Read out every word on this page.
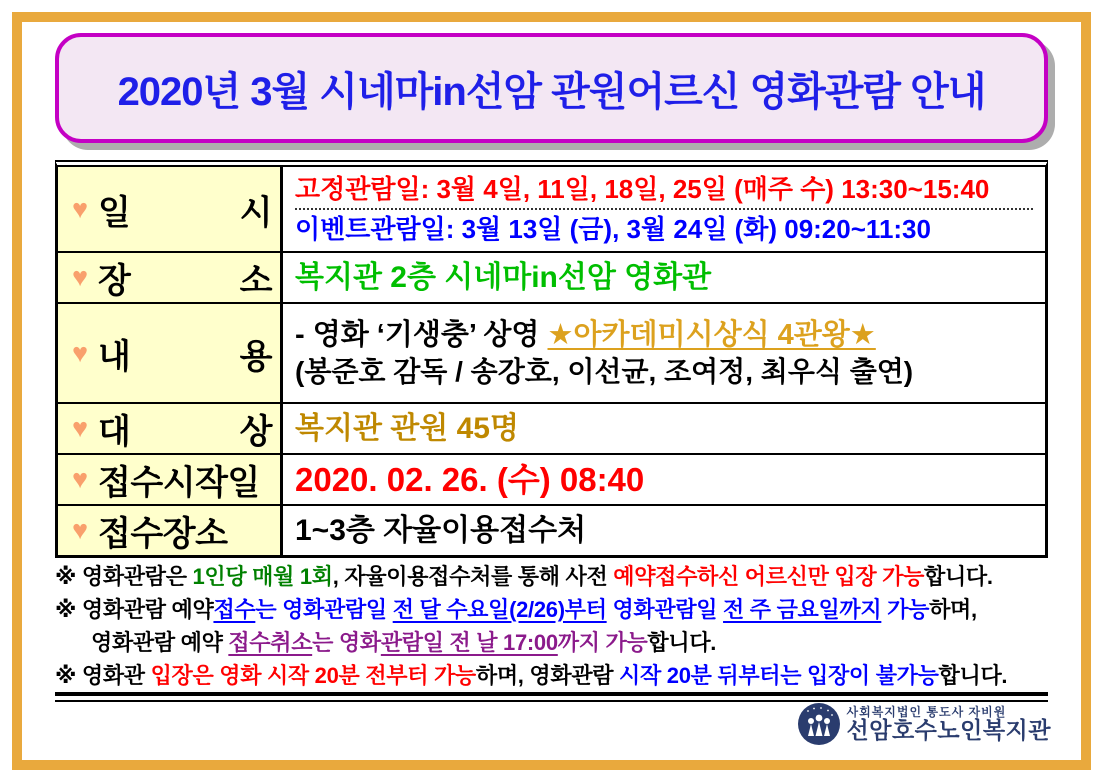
2020년 3월 시네마in선암 관원어르신 영화관람 안내
♥ 일 시
고정관람일: 3월 4일, 11일, 18일, 25일 (매주 수) 13:30~15:40
이벤트관람일: 3월 13일 (금), 3월 24일 (화) 09:20~11:30
♥ 장 소 복지관 2층 시네마in선암 영화관
♥ 내 용
- 영화 ‘기생충’ 상영 ★아카데미시상식 4관왕★
(봉준호 감독 / 송강호, 이선균, 조여정, 최우식 출연)
♥ 대 상 복지관 관원 45명
♥ 접수시작일	2020. 02. 26. (수) 08:40
♥ 접수장소	1~3층 자율이용접수처
※ 영화관람은 1인당 매월 1회, 자율이용접수처를 통해 사전 예약접수하신 어르신만 입장 가능합니다.
※ 영화관람 예약접수는 영화관람일 전 달 수요일(2/26)부터 영화관람일 전 주 금요일까지 가능하며,
영화관람 예약 접수취소는 영화관람일 전 날 17:00까지 가능합니다.
※ 영화관 입장은 영화 시작 20분 전부터 가능하며, 영화관람 시작 20분 뒤부터는 입장이 불가능합니다.
사회복지법인 통도사 자비원
선암호수노인복지관
